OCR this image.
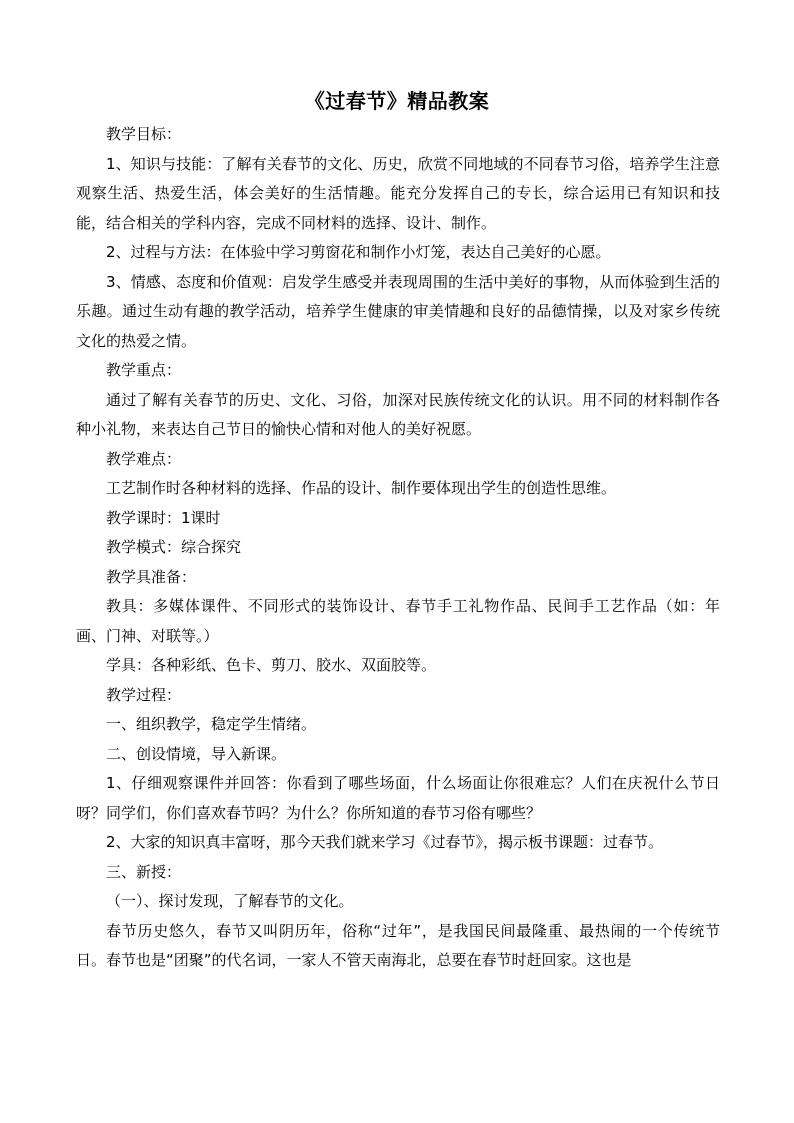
《过春节》精品教案

教学目标：

1、知识与技能：了解有关春节的文化、历史，欣赏不同地域的不同春节习俗，培养学生注意观察生活、热爱生活，体会美好的生活情趣。能充分发挥自己的专长，综合运用已有知识和技能，结合相关的学科内容，完成不同材料的选择、设计、制作。

2、过程与方法：在体验中学习剪窗花和制作小灯笼，表达自己美好的心愿。

3、情感、态度和价值观：启发学生感受并表现周围的生活中美好的事物，从而体验到生活的乐趣。通过生动有趣的教学活动，培养学生健康的审美情趣和良好的品德情操，以及对家乡传统文化的热爱之情。

教学重点：

通过了解有关春节的历史、文化、习俗，加深对民族传统文化的认识。用不同的材料制作各种小礼物，来表达自己节日的愉快心情和对他人的美好祝愿。

教学难点：

工艺制作时各种材料的选择、作品的设计、制作要体现出学生的创造性思维。

教学课时：1课时

教学模式：综合探究

教学具准备：

教具：多媒体课件、不同形式的装饰设计、春节手工礼物作品、民间手工艺作品（如：年画、门神、对联等。）

学具：各种彩纸、色卡、剪刀、胶水、双面胶等。

教学过程：

一、组织教学，稳定学生情绪。

二、创设情境，导入新课。

1、仔细观察课件并回答：你看到了哪些场面，什么场面让你很难忘？人们在庆祝什么节日呀？同学们，你们喜欢春节吗？为什么？你所知道的春节习俗有哪些？

2、大家的知识真丰富呀，那今天我们就来学习《过春节》，揭示板书课题：过春节。

三、新授：

（一）、探讨发现，了解春节的文化。

春节历史悠久，春节又叫阴历年，俗称“过年”，是我国民间最隆重、最热闹的一个传统节日。春节也是“团聚”的代名词，一家人不管天南海北，总要在春节时赶回家。这也是
